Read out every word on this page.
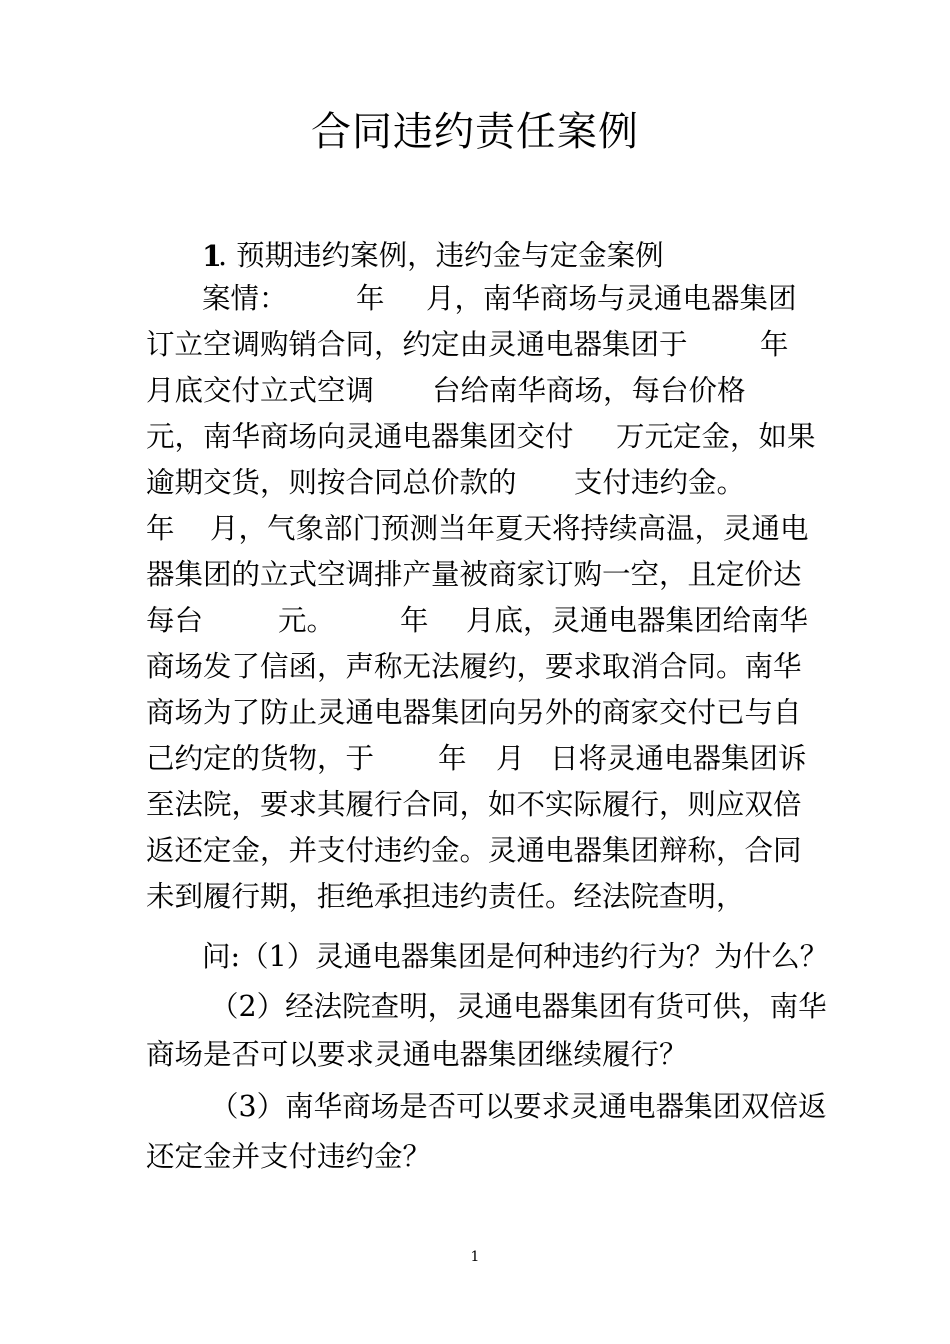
合同违约责任案例
1
. 预期违约案例，违约金与定金案例
案情： 年 月，南华商场与灵通电器集团
订立空调购销合同，约定由灵通电器集团于	年
月底交付立式空调 台给南华商场，每台价格
元，南华商场向灵通电器集团交付 万元定金，如果
逾期交货，则按合同总价款的 支付违约金。
年 月，气象部门预测当年夏天将持续高温，灵通电
器集团的立式空调排产量被商家订购一空，且定价达
每台	元。 年 月底，灵通电器集团给南华
商场发了信函，声称无法履约，要求取消合同。南华
商场为了防止灵通电器集团向另外的商家交付已与自
己约定的货物，于 年 月 日将灵通电器集团诉
至法院，要求其履行合同，如不实际履行，则应双倍
返还定金，并支付违约金。灵通电器集团辩称，合同
未到履行期，拒绝承担违约责任。经法院查明，
问:（1）灵通电器集团是何种违约行为？为什么？
（2）经法院查明，灵通电器集团有货可供，南华
商场是否可以要求灵通电器集团继续履行？
（3）南华商场是否可以要求灵通电器集团双倍返
还定金并支付违约金？
1
